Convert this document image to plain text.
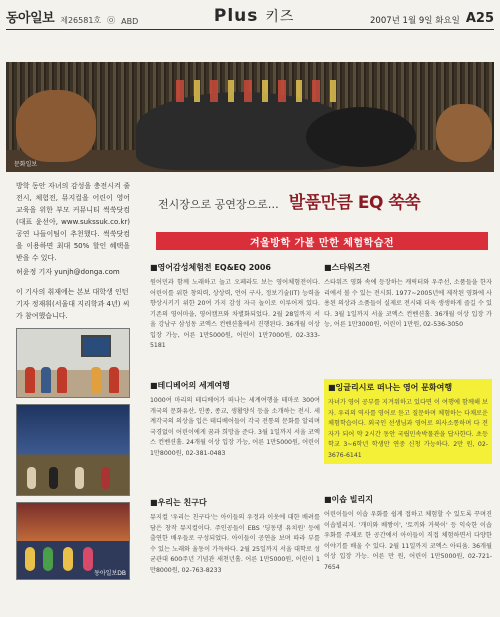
동아일보 제26581호 ㉧ ABD	Plus 키즈	2007년 1월 9일 화요일 A25
문화일보

방학 동안 자녀의 감성을 충전시켜 줄 전시, 체험전, 뮤지컬을 어린이 영어 교육을 위한 부모 커뮤니티 썩쑥닷컴(대표 윤선아, www.sukssuk.co.kr) 공연 나들이팀이 추천했다. 썩쑥닷컴을 이용하면 최대 50% 할인 혜택을 받을 수 있다.
허윤정 기자 yunjh@donga.com

이 기사의 취재에는 본보 대학생 인턴기자 정재휘(서울대 지리학과 4년) 씨가 참여했습니다.

동아일보DB
전시장으로 공연장으로… 발품만큼 EQ 쑥쑥
겨울방학 가볼 만한 체험학습전
■영어감성체험전 EQ&EQ 2006

원어민과 함께 노래하고 놀고 오페라도 보는 영어체험전이다. 어린이를 위한 창의력, 상상력, 언어 구사, 정보기술(IT) 능력을 향상시키기 위한 20여 가지 감성 자극 놀이로 이루어져 있다. 기존의 영어마을, 영어캠프와 차별화되었다. 2월 28일까지 서울 강남구 삼성동 코엑스 컨벤션홀에서 진행된다. 36개월 이상 입장 가능, 어른 1만5000원, 어린이 1만7000원, 02-333-5181

■테디베어의 세계여행

1000여 마리의 테디베어가 떠나는 세계여행을 테마로 300여 개국의 문화유산, 인종, 종교, 생활양식 등을 소개하는 전시. 세계각국의 의상을 입은 테디베어들이 각국 전통의 문화를 알리며 국경없이 어린이에게 꿈과 희망을 준다. 3월 1일까지 서울 코엑스 컨벤션홀. 24개월 이상 입장 가능, 어른 1만5000원, 어린이 1만8000원, 02-381-0483

■우리는 친구다

뮤지컬 '우리는 친구다'는 아이들의 우정과 이웃에 대한 배려를 담은 창작 뮤지컬이다. 주인공들이 EBS '딩동댕 유치원' 등에 출연한 배우들로 구성되었다. 아이들이 공연을 보며 따라 부를 수 있는 노래와 율동이 가득하다. 2월 25일까지 서울 대학로 성균관대 600주년 기념관 새천년홀. 어른 1만5000원, 어린이 1만8000원, 02-763-8233

■스타워즈전

스타워즈 영화 속에 등장하는 캐릭터와 우주선, 소품들을 한자리에서 볼 수 있는 전시회. 1977~2005년에 제작된 영화에 사용된 의상과 소품들이 실제로 전시돼 더욱 생생하게 즐길 수 있다. 3월 1일까지 서울 코엑스 컨벤션홀. 36개월 이상 입장 가능, 어른 1만3000원, 어린이 1만원, 02-536-3050

■잉글리시로 떠나는 영어 문화여행

자녀가 영어 공부를 지겨워하고 있다면 이 여행에 함께해 보자. 우리의 역사를 영어로 듣고 질문하며 체험하는 다채로운 체험학습이다. 외국인 선생님과 영어로 의사소통하며 다 전 자가 되어 약 2시간 동안 국립민속박물관을 답사한다. 초등학교 3~6학년 학생만 연중 신청 가능하다. 2만 원, 02-3676-6141

■이솝 빌리지

어린이들이 이솝 우화를 쉽게 접하고 체험할 수 있도록 꾸며진 이솝빌리지. '개미와 베짱이', '토끼와 거북이' 등 익숙한 이솝 우화를 주제로 한 공간에서 아이들이 직접 체험하면서 다양한 이야기를 배울 수 있다. 2월 11일까지 코엑스 아티움. 36개월 이상 입장 가능. 어른 만 원, 어린이 1만5000원, 02-721-7654
